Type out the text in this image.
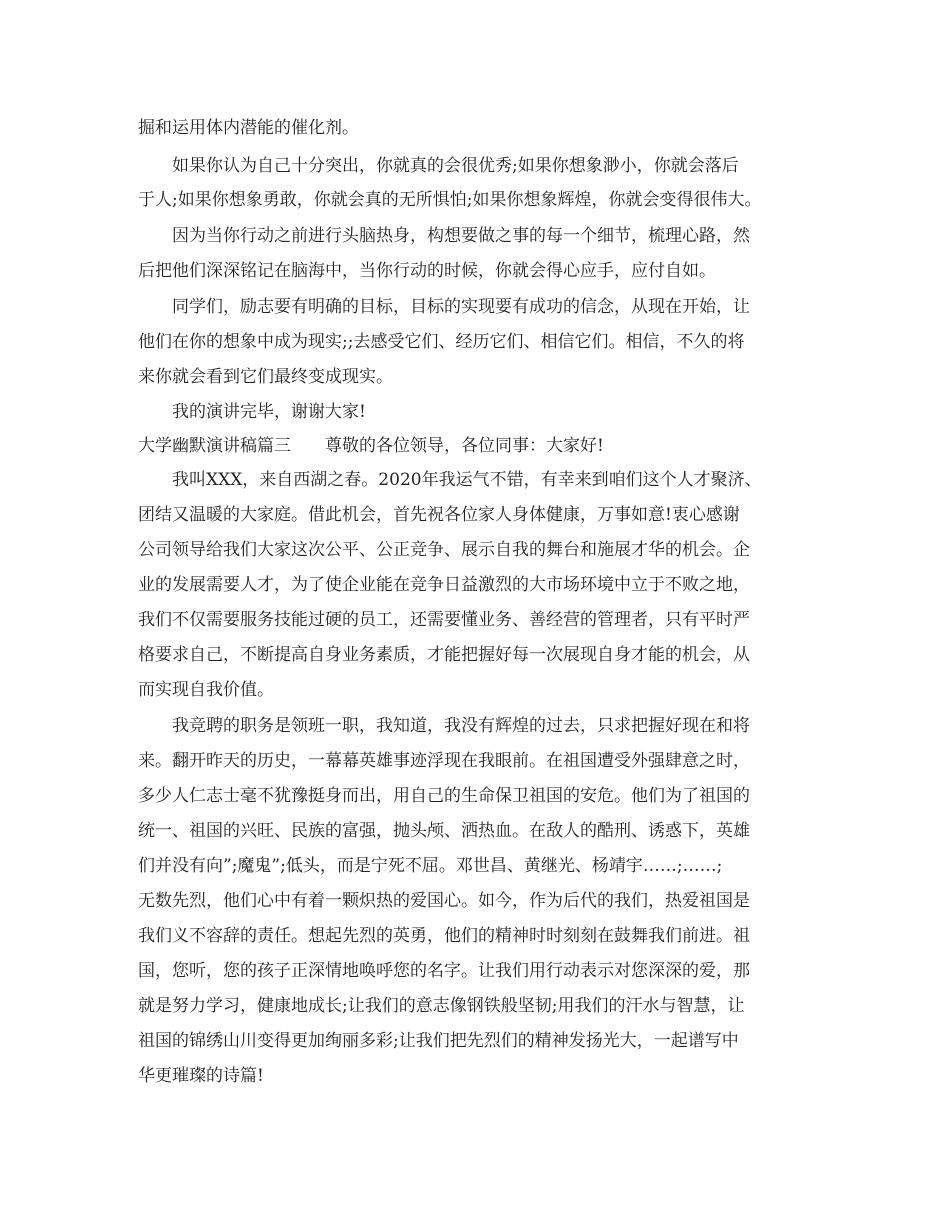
掘和运用体内潜能的催化剂。
　　如果你认为自己十分突出，你就真的会很优秀;如果你想象渺小，你就会落后
于人;如果你想象勇敢，你就会真的无所惧怕;如果你想象辉煌，你就会变得很伟大。
　　因为当你行动之前进行头脑热身，构想要做之事的每一个细节，梳理心路，然
后把他们深深铭记在脑海中，当你行动的时候，你就会得心应手，应付自如。
　　同学们，励志要有明确的目标，目标的实现要有成功的信念，从现在开始，让
他们在你的想象中成为现实;;去感受它们、经历它们、相信它们。相信，不久的将
来你就会看到它们最终变成现实。
　　我的演讲完毕，谢谢大家!
大学幽默演讲稿篇三　　尊敬的各位领导，各位同事：大家好!
　　我叫XXX，来自西湖之春。2020年我运气不错，有幸来到咱们这个人才聚济、
团结又温暖的大家庭。借此机会，首先祝各位家人身体健康，万事如意!衷心感谢
公司领导给我们大家这次公平、公正竞争、展示自我的舞台和施展才华的机会。企
业的发展需要人才，为了使企业能在竞争日益激烈的大市场环境中立于不败之地，
我们不仅需要服务技能过硬的员工，还需要懂业务、善经营的管理者，只有平时严
格要求自己，不断提高自身业务素质，才能把握好每一次展现自身才能的机会，从
而实现自我价值。
　　我竞聘的职务是领班一职，我知道，我没有辉煌的过去，只求把握好现在和将
来。翻开昨天的历史，一幕幕英雄事迹浮现在我眼前。在祖国遭受外强肆意之时，
多少人仁志士毫不犹豫挺身而出，用自己的生命保卫祖国的安危。他们为了祖国的
统一、祖国的兴旺、民族的富强，抛头颅、洒热血。在敌人的酷刑、诱惑下，英雄
们并没有向”;魔鬼”;低头，而是宁死不屈。邓世昌、黄继光、杨靖宇……;……;
无数先烈，他们心中有着一颗炽热的爱国心。如今，作为后代的我们，热爱祖国是
我们义不容辞的责任。想起先烈的英勇，他们的精神时时刻刻在鼓舞我们前进。祖
国，您听，您的孩子正深情地唤呼您的名字。让我们用行动表示对您深深的爱，那
就是努力学习，健康地成长;让我们的意志像钢铁般坚韧;用我们的汗水与智慧，让
祖国的锦绣山川变得更加绚丽多彩;让我们把先烈们的精神发扬光大，一起谱写中
华更璀璨的诗篇!
